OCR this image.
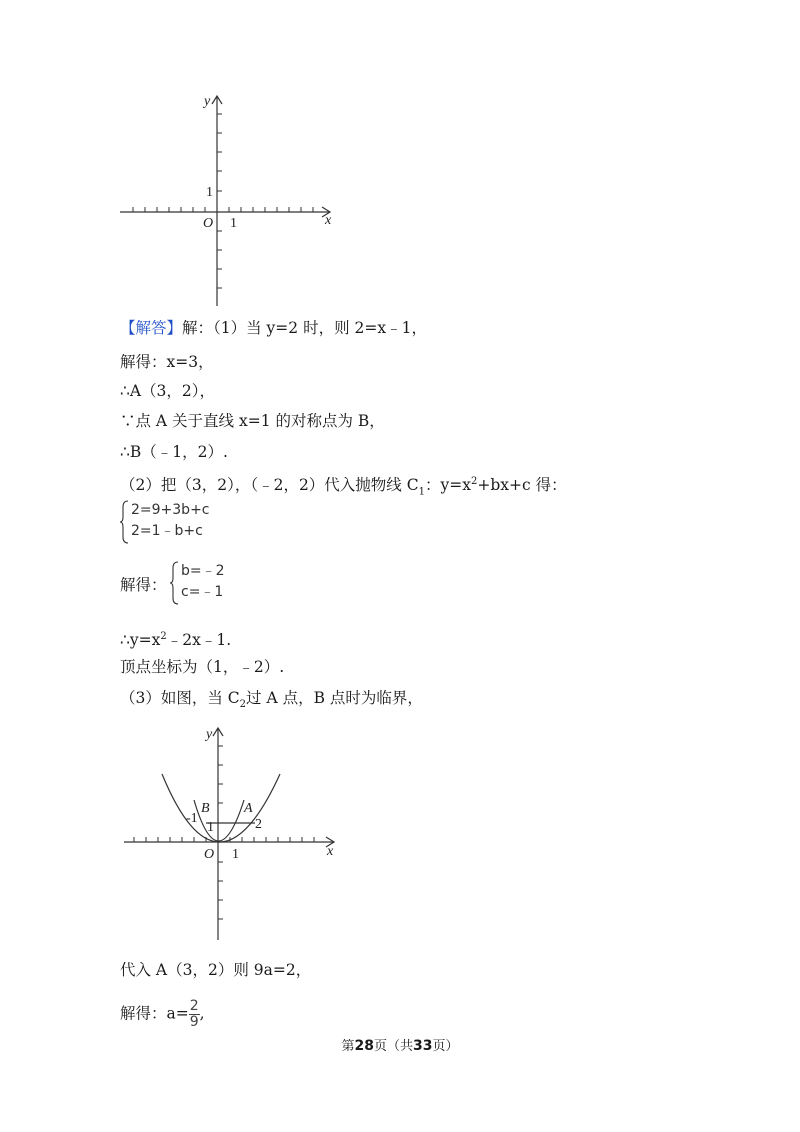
y
x
O 1
1
【解答】解：（1）当 y=2 时，则 2=x﹣1，
解得：x=3，
∴A（3，2），
∵点 A 关于直线 x=1 的对称点为 B，
∴B（﹣1，2）.
（2）把（3，2），（﹣2，2）代入抛物线 $C_1$：$y=x^2+bx+c$ 得：
2=9+3b+c
2=1﹣b+c
解得：
b=﹣2
c=﹣1
$\therefore y=x^2﹣2x﹣1$.
顶点坐标为（1，﹣2）.
（3）如图，当 $C_2$过 A 点，B 点时为临界，
y
x
O 1
1
-1	2
B A
代入 A（3，2）则 9a=2，
解得：$a= \frac{2}{9}$ ,
第28页（共33页）
